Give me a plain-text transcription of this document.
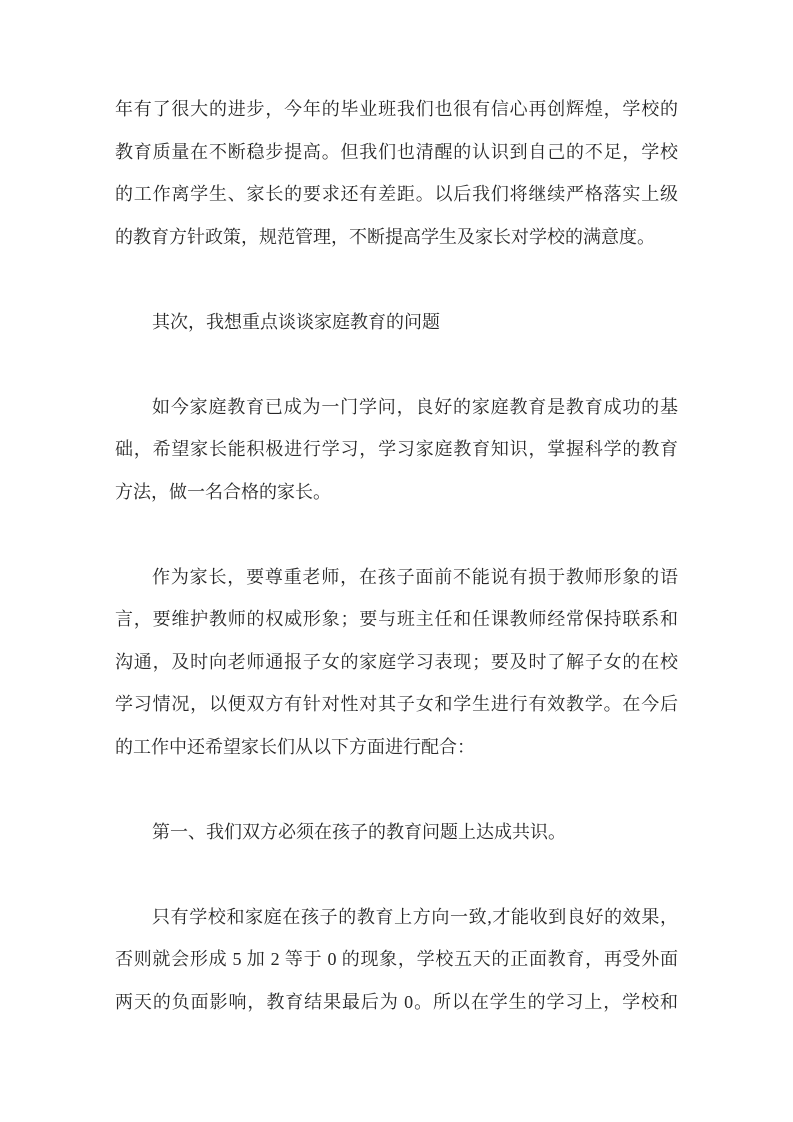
年有了很大的进步，今年的毕业班我们也很有信心再创辉煌，学校的
教育质量在不断稳步提高。但我们也清醒的认识到自己的不足，学校
的工作离学生、家长的要求还有差距。以后我们将继续严格落实上级
的教育方针政策，规范管理，不断提高学生及家长对学校的满意度。
其次，我想重点谈谈家庭教育的问题
如今家庭教育已成为一门学问，良好的家庭教育是教育成功的基
础，希望家长能积极进行学习，学习家庭教育知识，掌握科学的教育
方法，做一名合格的家长。
作为家长，要尊重老师，在孩子面前不能说有损于教师形象的语
言，要维护教师的权威形象；要与班主任和任课教师经常保持联系和
沟通，及时向老师通报子女的家庭学习表现；要及时了解子女的在校
学习情况，以便双方有针对性对其子女和学生进行有效教学。在今后
的工作中还希望家长们从以下方面进行配合：
第一、我们双方必须在孩子的教育问题上达成共识。
只有学校和家庭在孩子的教育上方向一致,才能收到良好的效果，
否则就会形成 5 加 2 等于 0 的现象，学校五天的正面教育，再受外面
两天的负面影响，教育结果最后为 0。所以在学生的学习上，学校和
